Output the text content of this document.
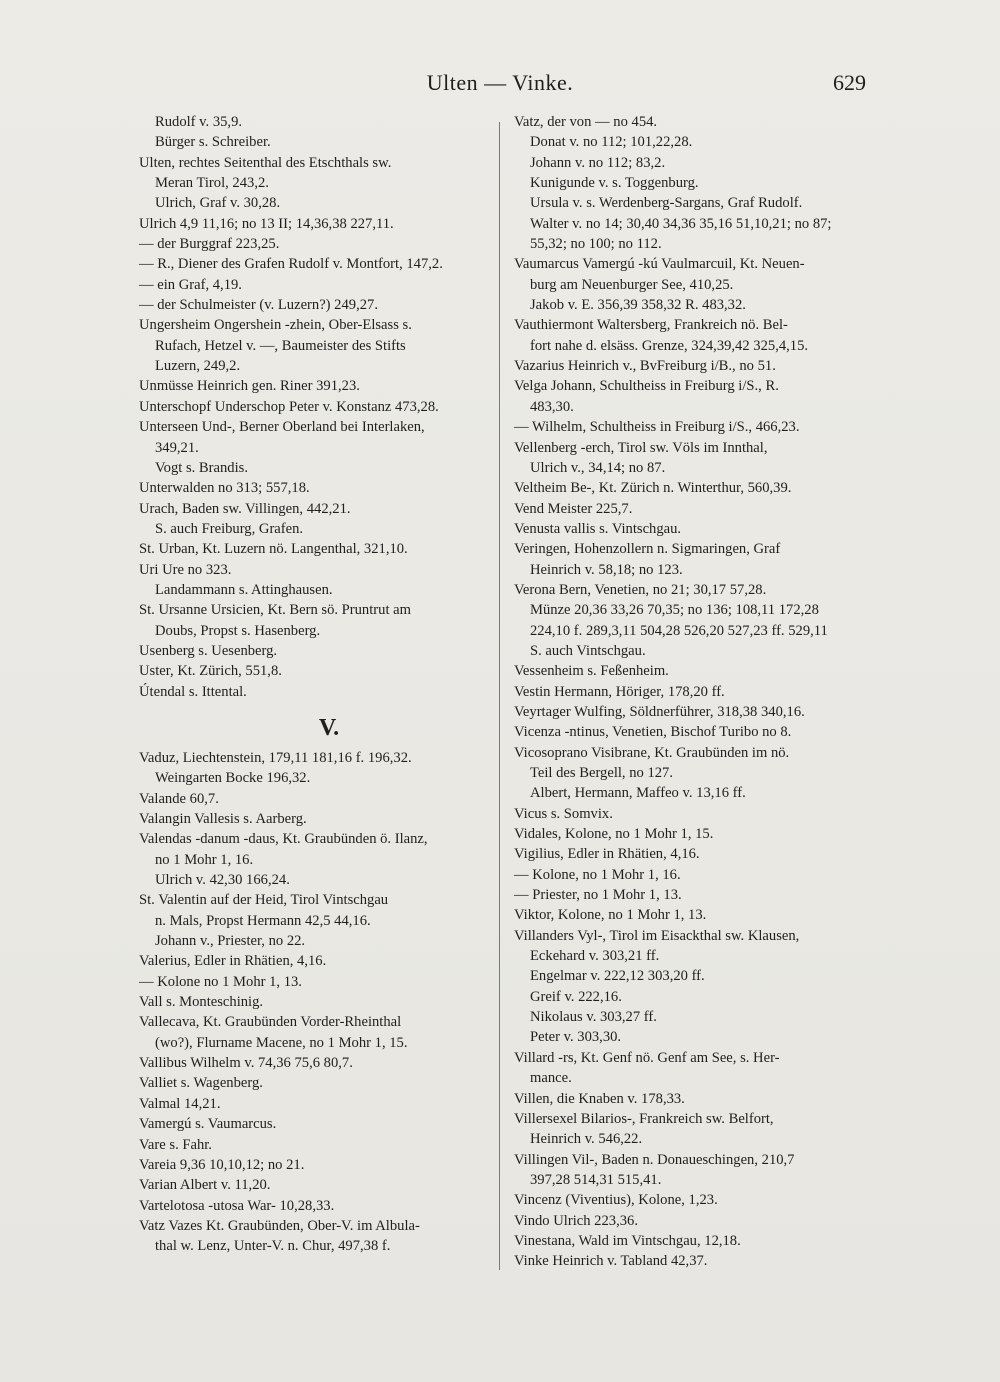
Ulten — Vinke.	629
Rudolf v. 35,9.
Bürger s. Schreiber.
Ulten, rechtes Seitenthal des Etschthals sw.
Meran Tirol, 243,2.
Ulrich, Graf v. 30,28.
Ulrich 4,9 11,16; no 13 II; 14,36,38 227,11.
— der Burggraf 223,25.
— R., Diener des Grafen Rudolf v. Montfort, 147,2.
— ein Graf, 4,19.
— der Schulmeister (v. Luzern?) 249,27.
Ungersheim Ongershein -zhein, Ober-Elsass s.
Rufach, Hetzel v. —, Baumeister des Stifts
Luzern, 249,2.
Unmüsse Heinrich gen. Riner 391,23.
Unterschopf Underschop Peter v. Konstanz 473,28.
Unterseen Und-, Berner Oberland bei Interlaken,
349,21.
Vogt s. Brandis.
Unterwalden no 313; 557,18.
Urach, Baden sw. Villingen, 442,21.
S. auch Freiburg, Grafen.
St. Urban, Kt. Luzern nö. Langenthal, 321,10.
Uri Ure no 323.
Landammann s. Attinghausen.
St. Ursanne Ursicien, Kt. Bern sö. Pruntrut am
Doubs, Propst s. Hasenberg.
Usenberg s. Uesenberg.
Uster, Kt. Zürich, 551,8.
Útendal s. Ittental.
V.
Vaduz, Liechtenstein, 179,11 181,16 f. 196,32.
Weingarten Bocke 196,32.
Valande 60,7.
Valangin Vallesis s. Aarberg.
Valendas -danum -daus, Kt. Graubünden ö. Ilanz,
no 1 Mohr 1, 16.
Ulrich v. 42,30 166,24.
St. Valentin auf der Heid, Tirol Vintschgau
n. Mals, Propst Hermann 42,5 44,16.
Johann v., Priester, no 22.
Valerius, Edler in Rhätien, 4,16.
— Kolone no 1 Mohr 1, 13.
Vall s. Monteschinig.
Vallecava, Kt. Graubünden Vorder-Rheinthal
(wo?), Flurname Macene, no 1 Mohr 1, 15.
Vallibus Wilhelm v. 74,36 75,6 80,7.
Valliet s. Wagenberg.
Valmal 14,21.
Vamergú s. Vaumarcus.
Vare s. Fahr.
Vareia 9,36 10,10,12; no 21.
Varian Albert v. 11,20.
Vartelotosa -utosa War- 10,28,33.
Vatz Vazes Kt. Graubünden, Ober-V. im Albula-
thal w. Lenz, Unter-V. n. Chur, 497,38 f.
Vatz, der von — no 454.
Donat v. no 112; 101,22,28.
Johann v. no 112; 83,2.
Kunigunde v. s. Toggenburg.
Ursula v. s. Werdenberg-Sargans, Graf Rudolf.
Walter v. no 14; 30,40 34,36 35,16 51,10,21; no 87;
55,32; no 100; no 112.
Vaumarcus Vamergú -kú Vaulmarcuil, Kt. Neuen-
burg am Neuenburger See, 410,25.
Jakob v. E. 356,39 358,32 R. 483,32.
Vauthiermont Waltersberg, Frankreich nö. Bel-
fort nahe d. elsäss. Grenze, 324,39,42 325,4,15.
Vazarius Heinrich v., BvFreiburg i/B., no 51.
Velga Johann, Schultheiss in Freiburg i/S., R.
483,30.
— Wilhelm, Schultheiss in Freiburg i/S., 466,23.
Vellenberg -erch, Tirol sw. Völs im Innthal,
Ulrich v., 34,14; no 87.
Veltheim Be-, Kt. Zürich n. Winterthur, 560,39.
Vend Meister 225,7.
Venusta vallis s. Vintschgau.
Veringen, Hohenzollern n. Sigmaringen, Graf
Heinrich v. 58,18; no 123.
Verona Bern, Venetien, no 21; 30,17 57,28.
Münze 20,36 33,26 70,35; no 136; 108,11 172,28
224,10 f. 289,3,11 504,28 526,20 527,23 ff. 529,11
S. auch Vintschgau.
Vessenheim s. Feßenheim.
Vestin Hermann, Höriger, 178,20 ff.
Veyrtager Wulfing, Söldnerführer, 318,38 340,16.
Vicenza -ntinus, Venetien, Bischof Turibo no 8.
Vicosoprano Visibrane, Kt. Graubünden im nö.
Teil des Bergell, no 127.
Albert, Hermann, Maffeo v. 13,16 ff.
Vicus s. Somvix.
Vidales, Kolone, no 1 Mohr 1, 15.
Vigilius, Edler in Rhätien, 4,16.
— Kolone, no 1 Mohr 1, 16.
— Priester, no 1 Mohr 1, 13.
Viktor, Kolone, no 1 Mohr 1, 13.
Villanders Vyl-, Tirol im Eisackthal sw. Klausen,
Eckehard v. 303,21 ff.
Engelmar v. 222,12 303,20 ff.
Greif v. 222,16.
Nikolaus v. 303,27 ff.
Peter v. 303,30.
Villard -rs, Kt. Genf nö. Genf am See, s. Her-
mance.
Villen, die Knaben v. 178,33.
Villersexel Bilarios-, Frankreich sw. Belfort,
Heinrich v. 546,22.
Villingen Vil-, Baden n. Donaueschingen, 210,7
397,28 514,31 515,41.
Vincenz (Viventius), Kolone, 1,23.
Vindo Ulrich 223,36.
Vinestana, Wald im Vintschgau, 12,18.
Vinke Heinrich v. Tabland 42,37.
